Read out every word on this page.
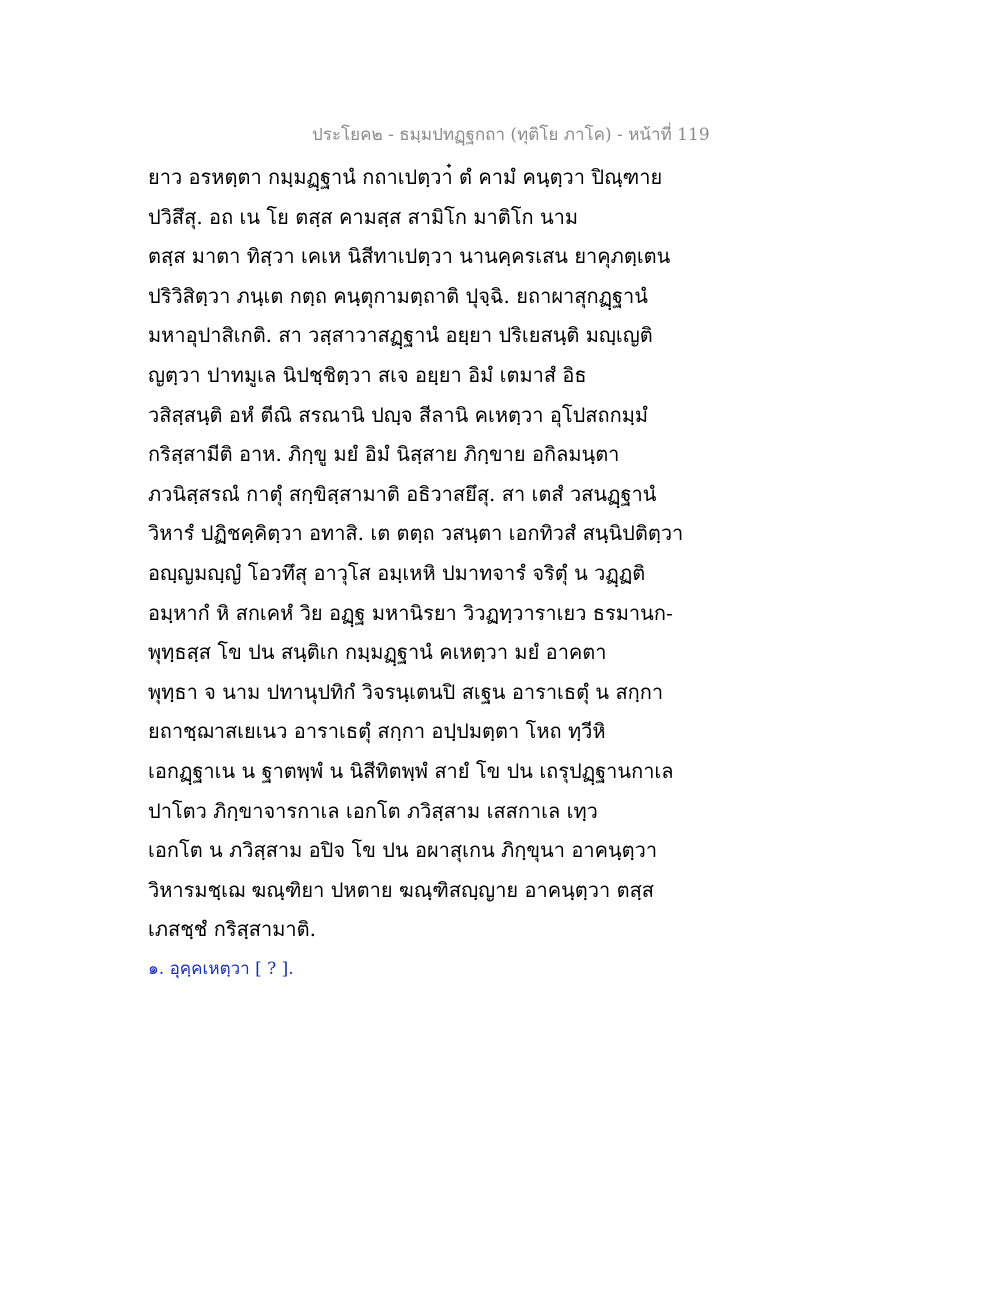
ประโยค๒ - ธมฺมปทฏฺฐกถา (ทุติโย ภาโค) - หน้าที่ 119
ยาว อรหตฺตา กมฺมฏฺฐานํ กถาเปตฺวา๋ ตํ คามํ คนฺตฺวา ปิณฺฑาย
ปวิสึสุ. อถ เน โย ตสฺส คามสฺส สามิโก มาติโก นาม
ตสฺส มาตา ทิสฺวา เคเห นิสีทาเปตฺวา นานคฺครเสน ยาคุภตฺเตน
ปริวิสิตฺวา ภนฺเต กตฺถ คนฺตุกามตฺถาติ ปุจฺฉิ. ยถาผาสุกฏฺฐานํ
มหาอุปาสิเกติ. สา วสฺสาวาสฏฺฐานํ อยฺยา ปริเยสนฺติ มญฺเญติ
ญตฺวา ปาทมูเล นิปชฺชิตฺวา สเจ อยฺยา อิมํ เตมาสํ อิธ
วสิสฺสนฺติ อหํ ตีณิ สรณานิ ปญฺจ สีลานิ คเหตฺวา อุโปสถกมฺมํ
กริสฺสามีติ อาห. ภิกฺขู มยํ อิมํ นิสฺสาย ภิกฺขาย อกิลมนฺตา
ภวนิสฺสรณํ กาตุํ สกฺขิสฺสามาติ อธิวาสยึสุ. สา เตสํ วสนฏฺฐานํ
วิหารํ ปฏิชคฺคิตฺวา อทาสิ. เต ตตฺถ วสนฺตา เอกทิวสํ สนฺนิปติตฺวา
อญฺญมญฺญํ โอวทึสุ อาวุโส อมฺเหหิ ปมาทจารํ จริตุํ น วฏฺฏติ
อมฺหากํ หิ สกเคหํ วิย อฏฺฐ มหานิรยา วิวฏทฺวาราเยว ธรมานก-
พุทฺธสฺส โข ปน สนฺติเก กมฺมฏฺฐานํ คเหตฺวา มยํ อาคตา
พุทฺธา จ นาม ปทานุปทิกํ วิจรนฺเตนปิ สเฐน อาราเธตุํ น สกฺกา
ยถาชฺฌาสเยเนว อาราเธตุํ สกฺกา อปฺปมตฺตา โหถ ทฺวีหิ
เอกฏฺฐาเน น ฐาตพฺพํ น นิสีทิตพฺพํ สายํ โข ปน เถรุปฏฺฐานกาเล
ปาโตว ภิกฺขาจารกาเล เอกโต ภวิสฺสาม เสสกาเล เทฺว
เอกโต น ภวิสฺสาม อปิจ โข ปน อผาสุเกน ภิกฺขุนา อาคนฺตฺวา
วิหารมชฺเฌ ฆณฺฑิยา ปหตาย ฆณฺฑิสญฺญาย อาคนฺตฺวา ตสฺส
เภสชฺชํ กริสฺสามาติ.
๑. อุคฺคเหตฺวา [ ? ].
